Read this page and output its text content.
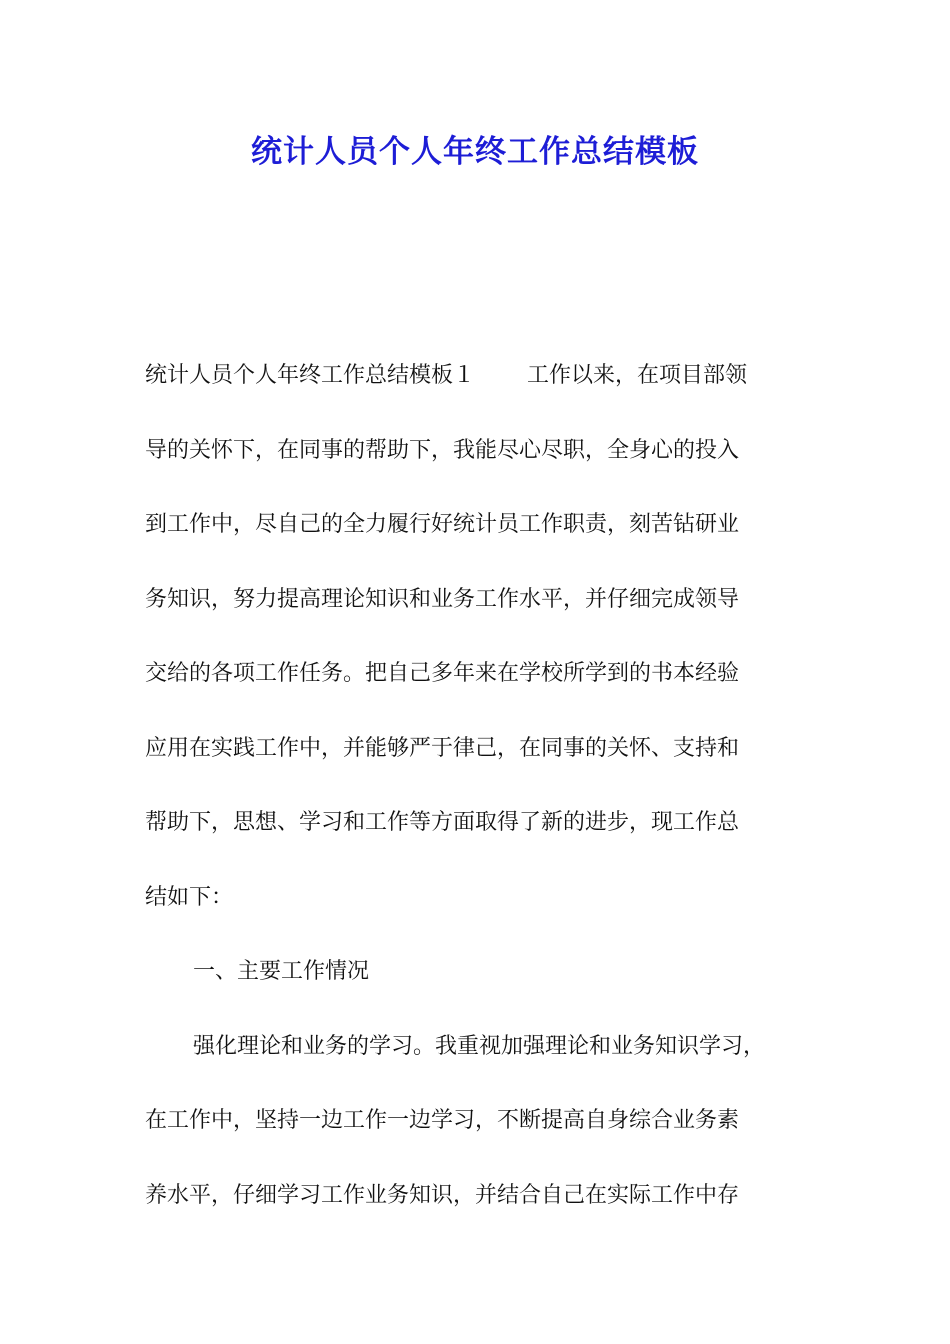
统计人员个人年终工作总结模板
统计人员个人年终工作总结模板１ 工作以来，在项目部领
导的关怀下，在同事的帮助下，我能尽心尽职，全身心的投入
到工作中，尽自己的全力履行好统计员工作职责，刻苦钻研业
务知识，努力提高理论知识和业务工作水平，并仔细完成领导
交给的各项工作任务。把自己多年来在学校所学到的书本经验
应用在实践工作中，并能够严于律己，在同事的关怀、支持和
帮助下，思想、学习和工作等方面取得了新的进步，现工作总
结如下：
一、主要工作情况
强化理论和业务的学习。我重视加强理论和业务知识学习，
在工作中，坚持一边工作一边学习，不断提高自身综合业务素
养水平，仔细学习工作业务知识，并结合自己在实际工作中存
